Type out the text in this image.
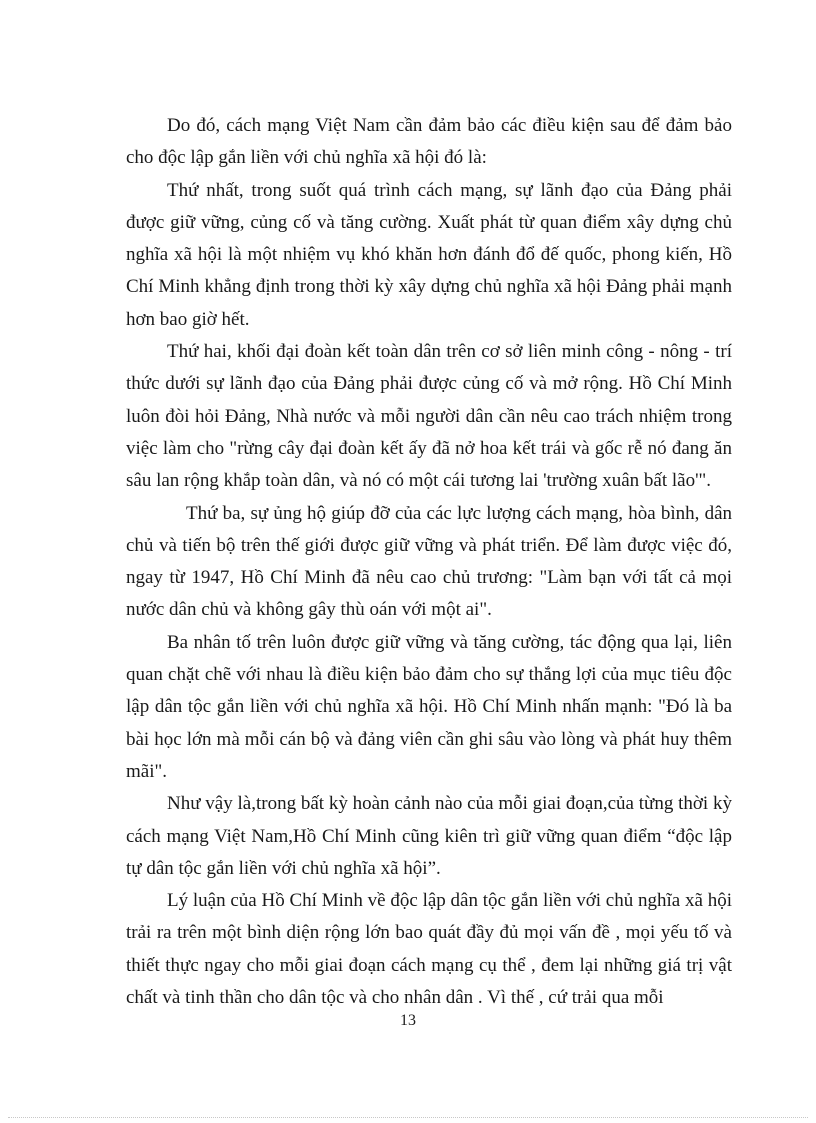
Do đó, cách mạng Việt Nam cần đảm bảo các điều kiện sau để đảm bảo cho độc lập gắn liền với chủ nghĩa xã hội đó là:

Thứ nhất, trong suốt quá trình cách mạng, sự lãnh đạo của Đảng phải được giữ vững, củng cố và tăng cường. Xuất phát từ quan điểm xây dựng chủ nghĩa xã hội là một nhiệm vụ khó khăn hơn đánh đổ đế quốc, phong kiến, Hồ Chí Minh khẳng định trong thời kỳ xây dựng chủ nghĩa xã hội Đảng phải mạnh hơn bao giờ hết.

Thứ hai, khối đại đoàn kết toàn dân trên cơ sở liên minh công - nông - trí thức dưới sự lãnh đạo của Đảng phải được củng cố và mở rộng. Hồ Chí Minh luôn đòi hỏi Đảng, Nhà nước và mỗi người dân cần nêu cao trách nhiệm trong việc làm cho "rừng cây đại đoàn kết ấy đã nở hoa kết trái và gốc rễ nó đang ăn sâu lan rộng khắp toàn dân, và nó có một cái tương lai 'trường xuân bất lão'".

Thứ ba, sự ủng hộ giúp đỡ của các lực lượng cách mạng, hòa bình, dân chủ và tiến bộ trên thế giới được giữ vững và phát triển. Để làm được việc đó, ngay từ 1947, Hồ Chí Minh đã nêu cao chủ trương: "Làm bạn với tất cả mọi nước dân chủ và không gây thù oán với một ai".

Ba nhân tố trên luôn được giữ vững và tăng cường, tác động qua lại, liên quan chặt chẽ với nhau là điều kiện bảo đảm cho sự thắng lợi của mục tiêu độc lập dân tộc gắn liền với chủ nghĩa xã hội. Hồ Chí Minh nhấn mạnh: "Đó là ba bài học lớn mà mỗi cán bộ và đảng viên cần ghi sâu vào lòng và phát huy thêm mãi".

Như vậy là,trong bất kỳ hoàn cảnh nào của mỗi giai đoạn,của từng thời kỳ cách mạng Việt Nam,Hồ Chí Minh cũng kiên trì giữ vững quan điểm “độc lập tự dân tộc gắn liền với chủ nghĩa xã hội”.

Lý luận của Hồ Chí Minh về độc lập dân tộc gắn liền với chủ nghĩa xã hội trải ra trên một bình diện rộng lớn bao quát đầy đủ mọi vấn đề , mọi yếu tố và thiết thực ngay cho mỗi giai đoạn cách mạng cụ thể , đem lại những giá trị vật chất và tinh thần cho dân tộc và cho nhân dân . Vì thế , cứ trải qua mỗi

13
